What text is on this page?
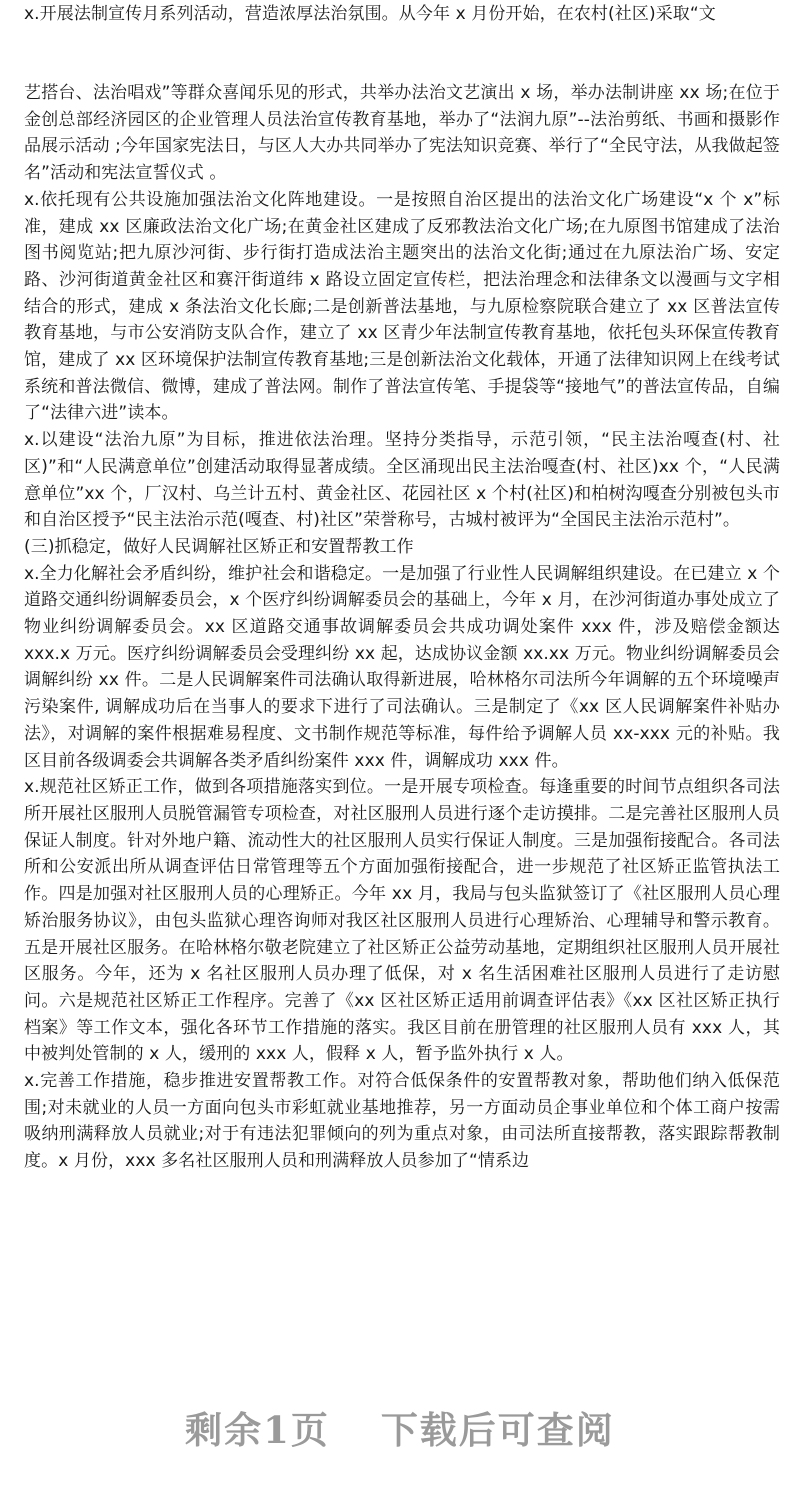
x.开展法制宣传月系列活动，营造浓厚法治氛围。从今年 x 月份开始，在农村(社区)采取“文

艺搭台、法治唱戏”等群众喜闻乐见的形式，共举办法治文艺演出 x 场，举办法制讲座 xx 场;在位于金创总部经济园区的企业管理人员法治宣传教育基地，举办了“法润九原”--法治剪纸、书画和摄影作品展示活动 ;今年国家宪法日，与区人大办共同举办了宪法知识竞赛、举行了“全民守法，从我做起签名”活动和宪法宣誓仪式 。

x.依托现有公共设施加强法治文化阵地建设。一是按照自治区提出的法治文化广场建设“x 个 x”标准，建成 xx 区廉政法治文化广场;在黄金社区建成了反邪教法治文化广场;在九原图书馆建成了法治图书阅览站;把九原沙河街、步行街打造成法治主题突出的法治文化街;通过在九原法治广场、安定路、沙河街道黄金社区和赛汗街道纬 x 路设立固定宣传栏，把法治理念和法律条文以漫画与文字相结合的形式，建成 x 条法治文化长廊;二是创新普法基地，与九原检察院联合建立了 xx 区普法宣传教育基地，与市公安消防支队合作，建立了 xx 区青少年法制宣传教育基地，依托包头环保宣传教育馆，建成了 xx 区环境保护法制宣传教育基地;三是创新法治文化载体，开通了法律知识网上在线考试系统和普法微信、微博，建成了普法网。制作了普法宣传笔、手提袋等“接地气”的普法宣传品，自编了“法律六进”读本。

x.以建设“法治九原”为目标，推进依法治理。坚持分类指导，示范引领，“民主法治嘎查(村、社区)”和“人民满意单位”创建活动取得显著成绩。全区涌现出民主法治嘎查(村、社区)xx 个，“人民满意单位”xx 个，厂汉村、乌兰计五村、黄金社区、花园社区 x 个村(社区)和柏树沟嘎查分别被包头市和自治区授予“民主法治示范(嘎查、村)社区”荣誉称号，古城村被评为“全国民主法治示范村”。

(三)抓稳定，做好人民调解社区矫正和安置帮教工作

x.全力化解社会矛盾纠纷，维护社会和谐稳定。一是加强了行业性人民调解组织建设。在已建立 x 个道路交通纠纷调解委员会，x 个医疗纠纷调解委员会的基础上，今年 x 月，在沙河街道办事处成立了物业纠纷调解委员会。xx 区道路交通事故调解委员会共成功调处案件 xxx 件，涉及赔偿金额达 xxx.x 万元。医疗纠纷调解委员会受理纠纷 xx 起，达成协议金额 xx.xx 万元。物业纠纷调解委员会调解纠纷 xx 件。二是人民调解案件司法确认取得新进展，哈林格尔司法所今年调解的五个环境噪声污染案件, 调解成功后在当事人的要求下进行了司法确认。三是制定了《xx 区人民调解案件补贴办法》，对调解的案件根据难易程度、文书制作规范等标准，每件给予调解人员 xx-xxx 元的补贴。我区目前各级调委会共调解各类矛盾纠纷案件 xxx 件，调解成功 xxx 件。

x.规范社区矫正工作，做到各项措施落实到位。一是开展专项检查。每逢重要的时间节点组织各司法所开展社区服刑人员脱管漏管专项检查，对社区服刑人员进行逐个走访摸排。二是完善社区服刑人员保证人制度。针对外地户籍、流动性大的社区服刑人员实行保证人制度。三是加强衔接配合。各司法所和公安派出所从调查评估日常管理等五个方面加强衔接配合，进一步规范了社区矫正监管执法工作。四是加强对社区服刑人员的心理矫正。今年 xx 月，我局与包头监狱签订了《社区服刑人员心理矫治服务协议》，由包头监狱心理咨询师对我区社区服刑人员进行心理矫治、心理辅导和警示教育。五是开展社区服务。在哈林格尔敬老院建立了社区矫正公益劳动基地，定期组织社区服刑人员开展社区服务。今年，还为 x 名社区服刑人员办理了低保，对 x 名生活困难社区服刑人员进行了走访慰问。六是规范社区矫正工作程序。完善了《xx 区社区矫正适用前调查评估表》《xx 区社区矫正执行档案》等工作文本，强化各环节工作措施的落实。我区目前在册管理的社区服刑人员有 xxx 人，其中被判处管制的 x 人，缓刑的 xxx 人，假释 x 人，暂予监外执行 x 人。

x.完善工作措施，稳步推进安置帮教工作。对符合低保条件的安置帮教对象，帮助他们纳入低保范围;对未就业的人员一方面向包头市彩虹就业基地推荐，另一方面动员企事业单位和个体工商户按需吸纳刑满释放人员就业;对于有违法犯罪倾向的列为重点对象，由司法所直接帮教，落实跟踪帮教制度。x 月份，xxx 多名社区服刑人员和刑满释放人员参加了“情系边

剩余1页 下载后可查阅
